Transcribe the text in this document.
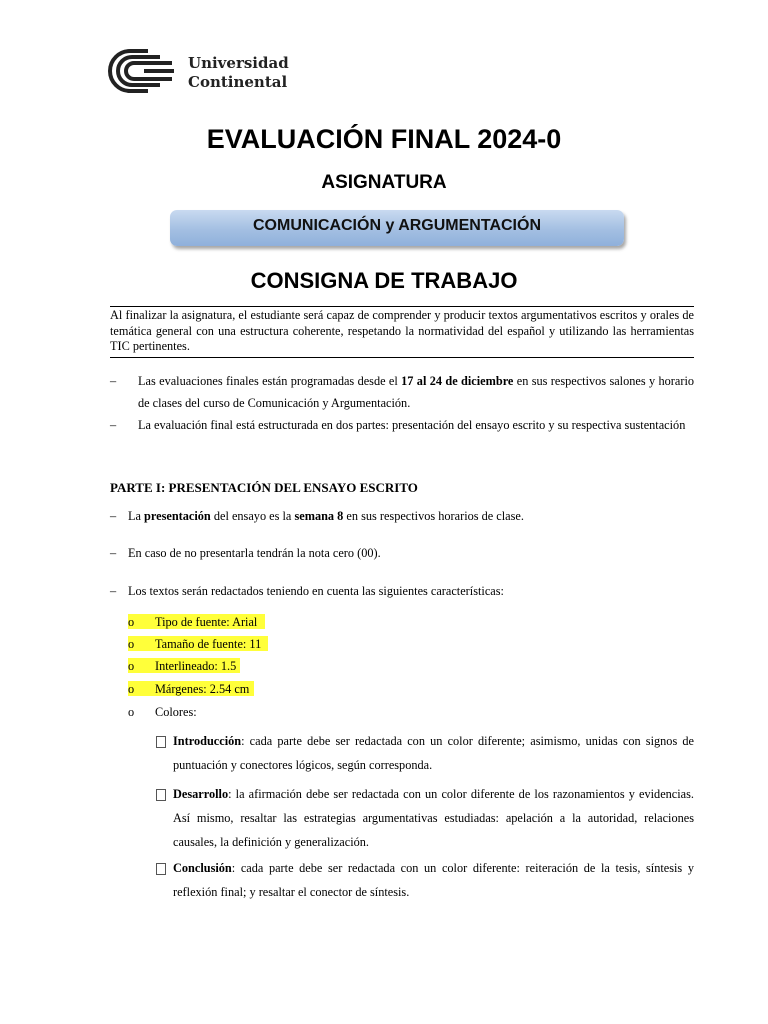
Universidad
Continental
EVALUACIÓN FINAL 2024-0
ASIGNATURA
COMUNICACIÓN y ARGUMENTACIÓN
CONSIGNA DE TRABAJO
Al finalizar la asignatura, el estudiante será capaz de comprender y producir textos argumentativos escritos y orales de temática general con una estructura coherente, respetando la normatividad del español y utilizando las herramientas TIC pertinentes.
– Las evaluaciones finales están programadas desde el 17 al 24 de diciembre en sus respectivos salones y horario de clases del curso de Comunicación y Argumentación.
– La evaluación final está estructurada en dos partes: presentación del ensayo escrito y su respectiva sustentación
PARTE I: PRESENTACIÓN DEL ENSAYO ESCRITO
– La presentación del ensayo es la semana 8 en sus respectivos horarios de clase.
– En caso de no presentarla tendrán la nota cero (00).
– Los textos serán redactados teniendo en cuenta las siguientes características:
o Tipo de fuente: Arial
o Tamaño de fuente: 11
o Interlineado: 1.5
o Márgenes: 2.54 cm
o Colores:
Introducción: cada parte debe ser redactada con un color diferente; asimismo, unidas con signos de puntuación y conectores lógicos, según corresponda.
Desarrollo: la afirmación debe ser redactada con un color diferente de los razonamientos y evidencias. Así mismo, resaltar las estrategias argumentativas estudiadas: apelación a la autoridad, relaciones causales, la definición y generalización.
Conclusión: cada parte debe ser redactada con un color diferente: reiteración de la tesis, síntesis y reflexión final; y resaltar el conector de síntesis.
